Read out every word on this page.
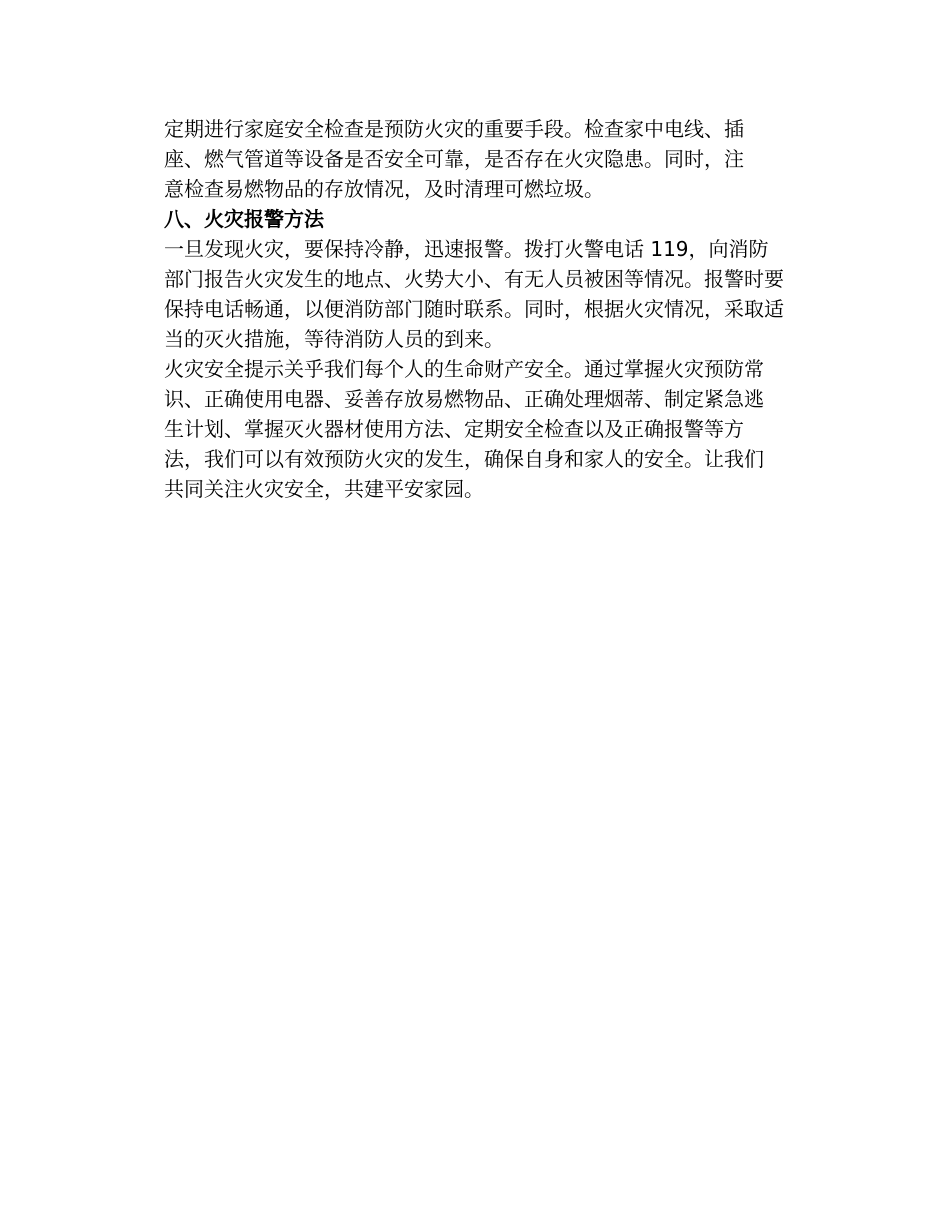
定期进行家庭安全检查是预防火灾的重要手段。检查家中电线、插座、燃气管道等设备是否安全可靠，是否存在火灾隐患。同时，注意检查易燃物品的存放情况，及时清理可燃垃圾。

八、火灾报警方法

一旦发现火灾，要保持冷静，迅速报警。拨打火警电话 119，向消防部门报告火灾发生的地点、火势大小、有无人员被困等情况。报警时要保持电话畅通，以便消防部门随时联系。同时，根据火灾情况，采取适当的灭火措施，等待消防人员的到来。

火灾安全提示关乎我们每个人的生命财产安全。通过掌握火灾预防常识、正确使用电器、妥善存放易燃物品、正确处理烟蒂、制定紧急逃生计划、掌握灭火器材使用方法、定期安全检查以及正确报警等方法，我们可以有效预防火灾的发生，确保自身和家人的安全。让我们共同关注火灾安全，共建平安家园。
